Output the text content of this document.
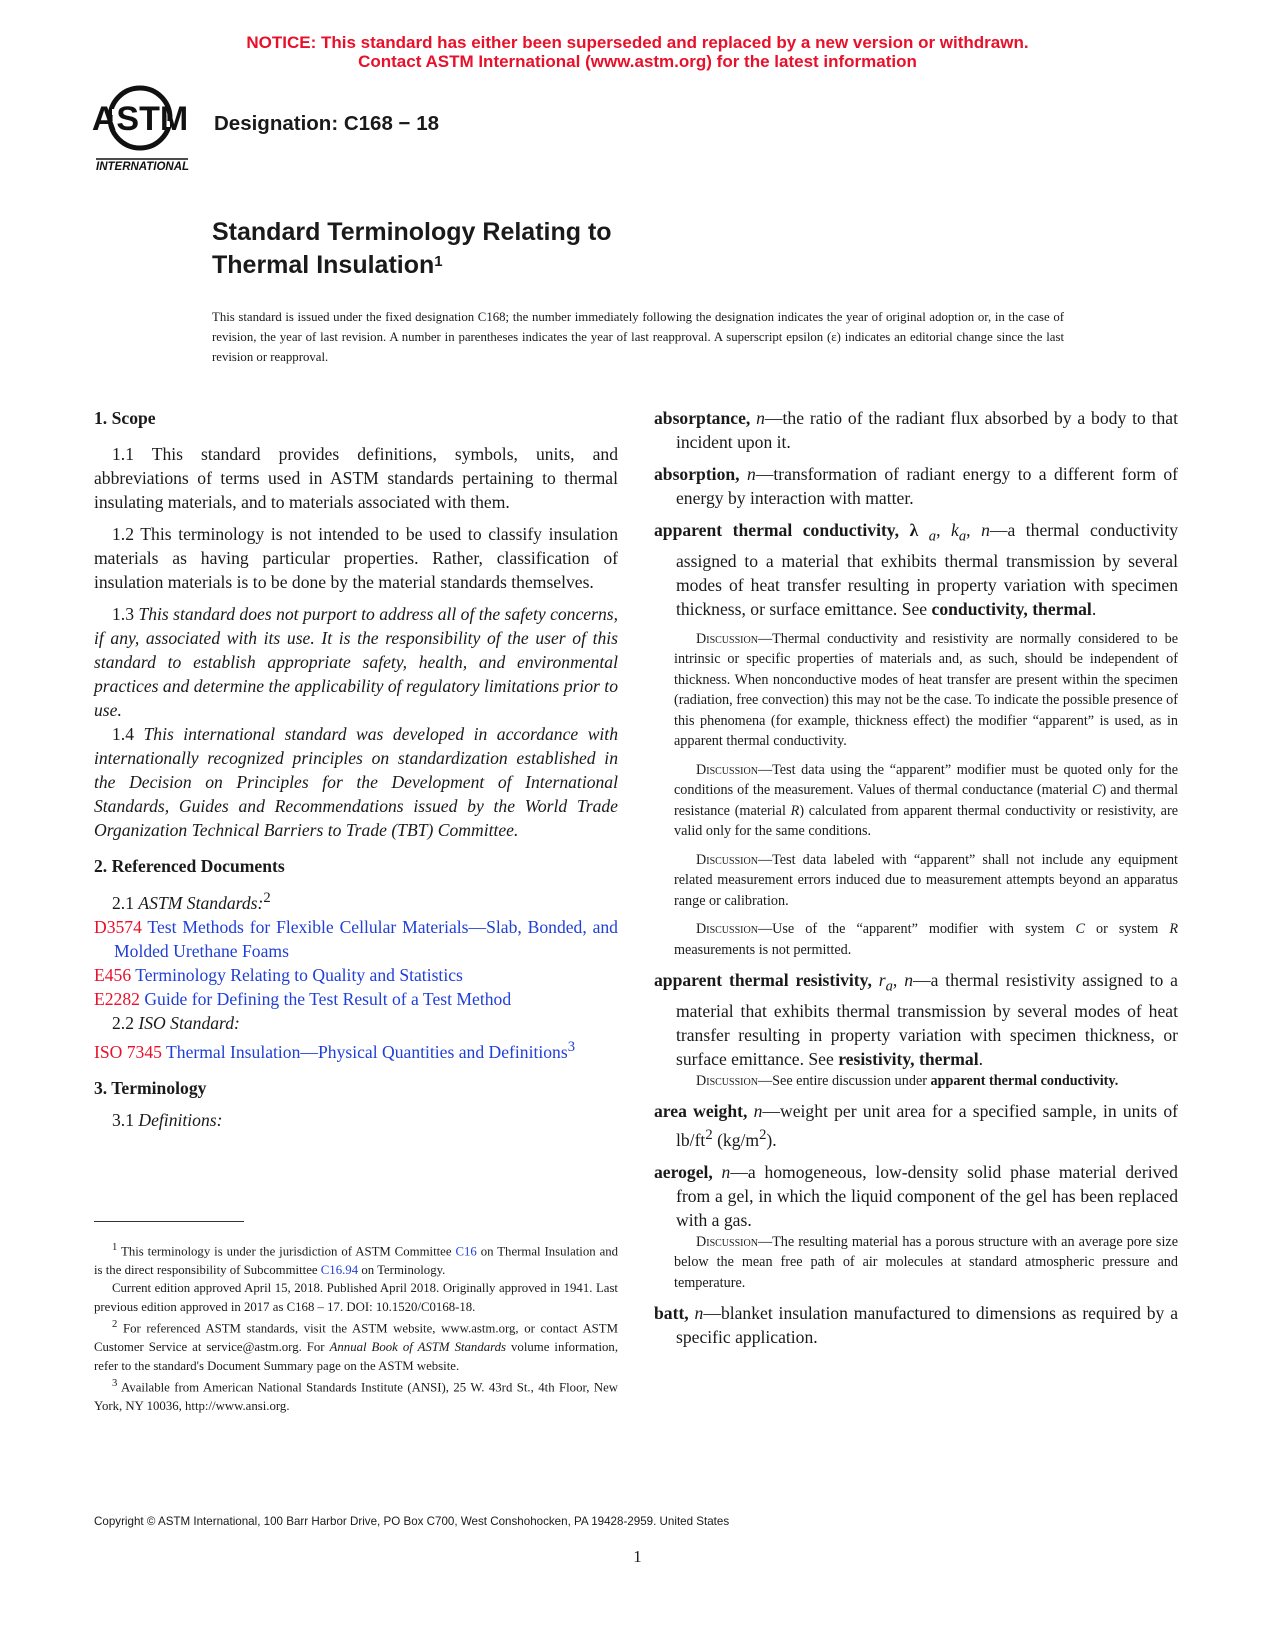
NOTICE: This standard has either been superseded and replaced by a new version or withdrawn.
Contact ASTM International (www.astm.org) for the latest information
ASTM
INTERNATIONAL
Designation: C168 − 18
Standard Terminology Relating to
Thermal Insulation$^1$
This standard is issued under the fixed designation C168; the number immediately following the designation indicates the year of original adoption or, in the case of revision, the year of last revision. A number in parentheses indicates the year of last reapproval. A superscript epsilon (ε) indicates an editorial change since the last revision or reapproval.
1. Scope

1.1 This standard provides definitions, symbols, units, and abbreviations of terms used in ASTM standards pertaining to thermal insulating materials, and to materials associated with them.

1.2 This terminology is not intended to be used to classify insulation materials as having particular properties. Rather, classification of insulation materials is to be done by the material standards themselves.

1.3 This standard does not purport to address all of the safety concerns, if any, associated with its use. It is the responsibility of the user of this standard to establish appropriate safety, health, and environmental practices and determine the applicability of regulatory limitations prior to use.

1.4 This international standard was developed in accordance with internationally recognized principles on standardization established in the Decision on Principles for the Development of International Standards, Guides and Recommendations issued by the World Trade Organization Technical Barriers to Trade (TBT) Committee.

2. Referenced Documents

2.1 ASTM Standards:$^2$

D3574 Test Methods for Flexible Cellular Materials—Slab, Bonded, and Molded Urethane Foams

E456 Terminology Relating to Quality and Statistics

E2282 Guide for Defining the Test Result of a Test Method

2.2 ISO Standard:

ISO 7345 Thermal Insulation—Physical Quantities and Definitions$^3$

3. Terminology

3.1 Definitions:

$^1$ This terminology is under the jurisdiction of ASTM Committee C16 on Thermal Insulation and is the direct responsibility of Subcommittee C16.94 on Terminology.

Current edition approved April 15, 2018. Published April 2018. Originally approved in 1941. Last previous edition approved in 2017 as C168 – 17. DOI: 10.1520/C0168-18.

$^2$ For referenced ASTM standards, visit the ASTM website, www.astm.org, or contact ASTM Customer Service at service@astm.org. For Annual Book of ASTM Standards volume information, refer to the standard's Document Summary page on the ASTM website.

$^3$ Available from American National Standards Institute (ANSI), 25 W. 43rd St., 4th Floor, New York, NY 10036, http://www.ansi.org.

absorptance, n—the ratio of the radiant flux absorbed by a body to that incident upon it.

absorption, n—transformation of radiant energy to a different form of energy by interaction with matter.

apparent thermal conductivity, λ $_a$, $k_a$, n—a thermal conductivity assigned to a material that exhibits thermal transmission by several modes of heat transfer resulting in property variation with specimen thickness, or surface emittance. See conductivity, thermal.

Discussion—Thermal conductivity and resistivity are normally considered to be intrinsic or specific properties of materials and, as such, should be independent of thickness. When nonconductive modes of heat transfer are present within the specimen (radiation, free convection) this may not be the case. To indicate the possible presence of this phenomena (for example, thickness effect) the modifier “apparent” is used, as in apparent thermal conductivity.

Discussion—Test data using the “apparent” modifier must be quoted only for the conditions of the measurement. Values of thermal conductance (material C) and thermal resistance (material R) calculated from apparent thermal conductivity or resistivity, are valid only for the same conditions.

Discussion—Test data labeled with “apparent” shall not include any equipment related measurement errors induced due to measurement attempts beyond an apparatus range or calibration.

Discussion—Use of the “apparent” modifier with system C or system R measurements is not permitted.

apparent thermal resistivity, $r_a$, n—a thermal resistivity assigned to a material that exhibits thermal transmission by several modes of heat transfer resulting in property variation with specimen thickness, or surface emittance. See resistivity, thermal.

Discussion—See entire discussion under apparent thermal conductivity.

area weight, n—weight per unit area for a specified sample, in units of $lb/ft^2$ $(kg/m^2)$.

aerogel, n—a homogeneous, low-density solid phase material derived from a gel, in which the liquid component of the gel has been replaced with a gas.

Discussion—The resulting material has a porous structure with an average pore size below the mean free path of air molecules at standard atmospheric pressure and temperature.

batt, n—blanket insulation manufactured to dimensions as required by a specific application.

Copyright © ASTM International, 100 Barr Harbor Drive, PO Box C700, West Conshohocken, PA 19428-2959. United States
1
